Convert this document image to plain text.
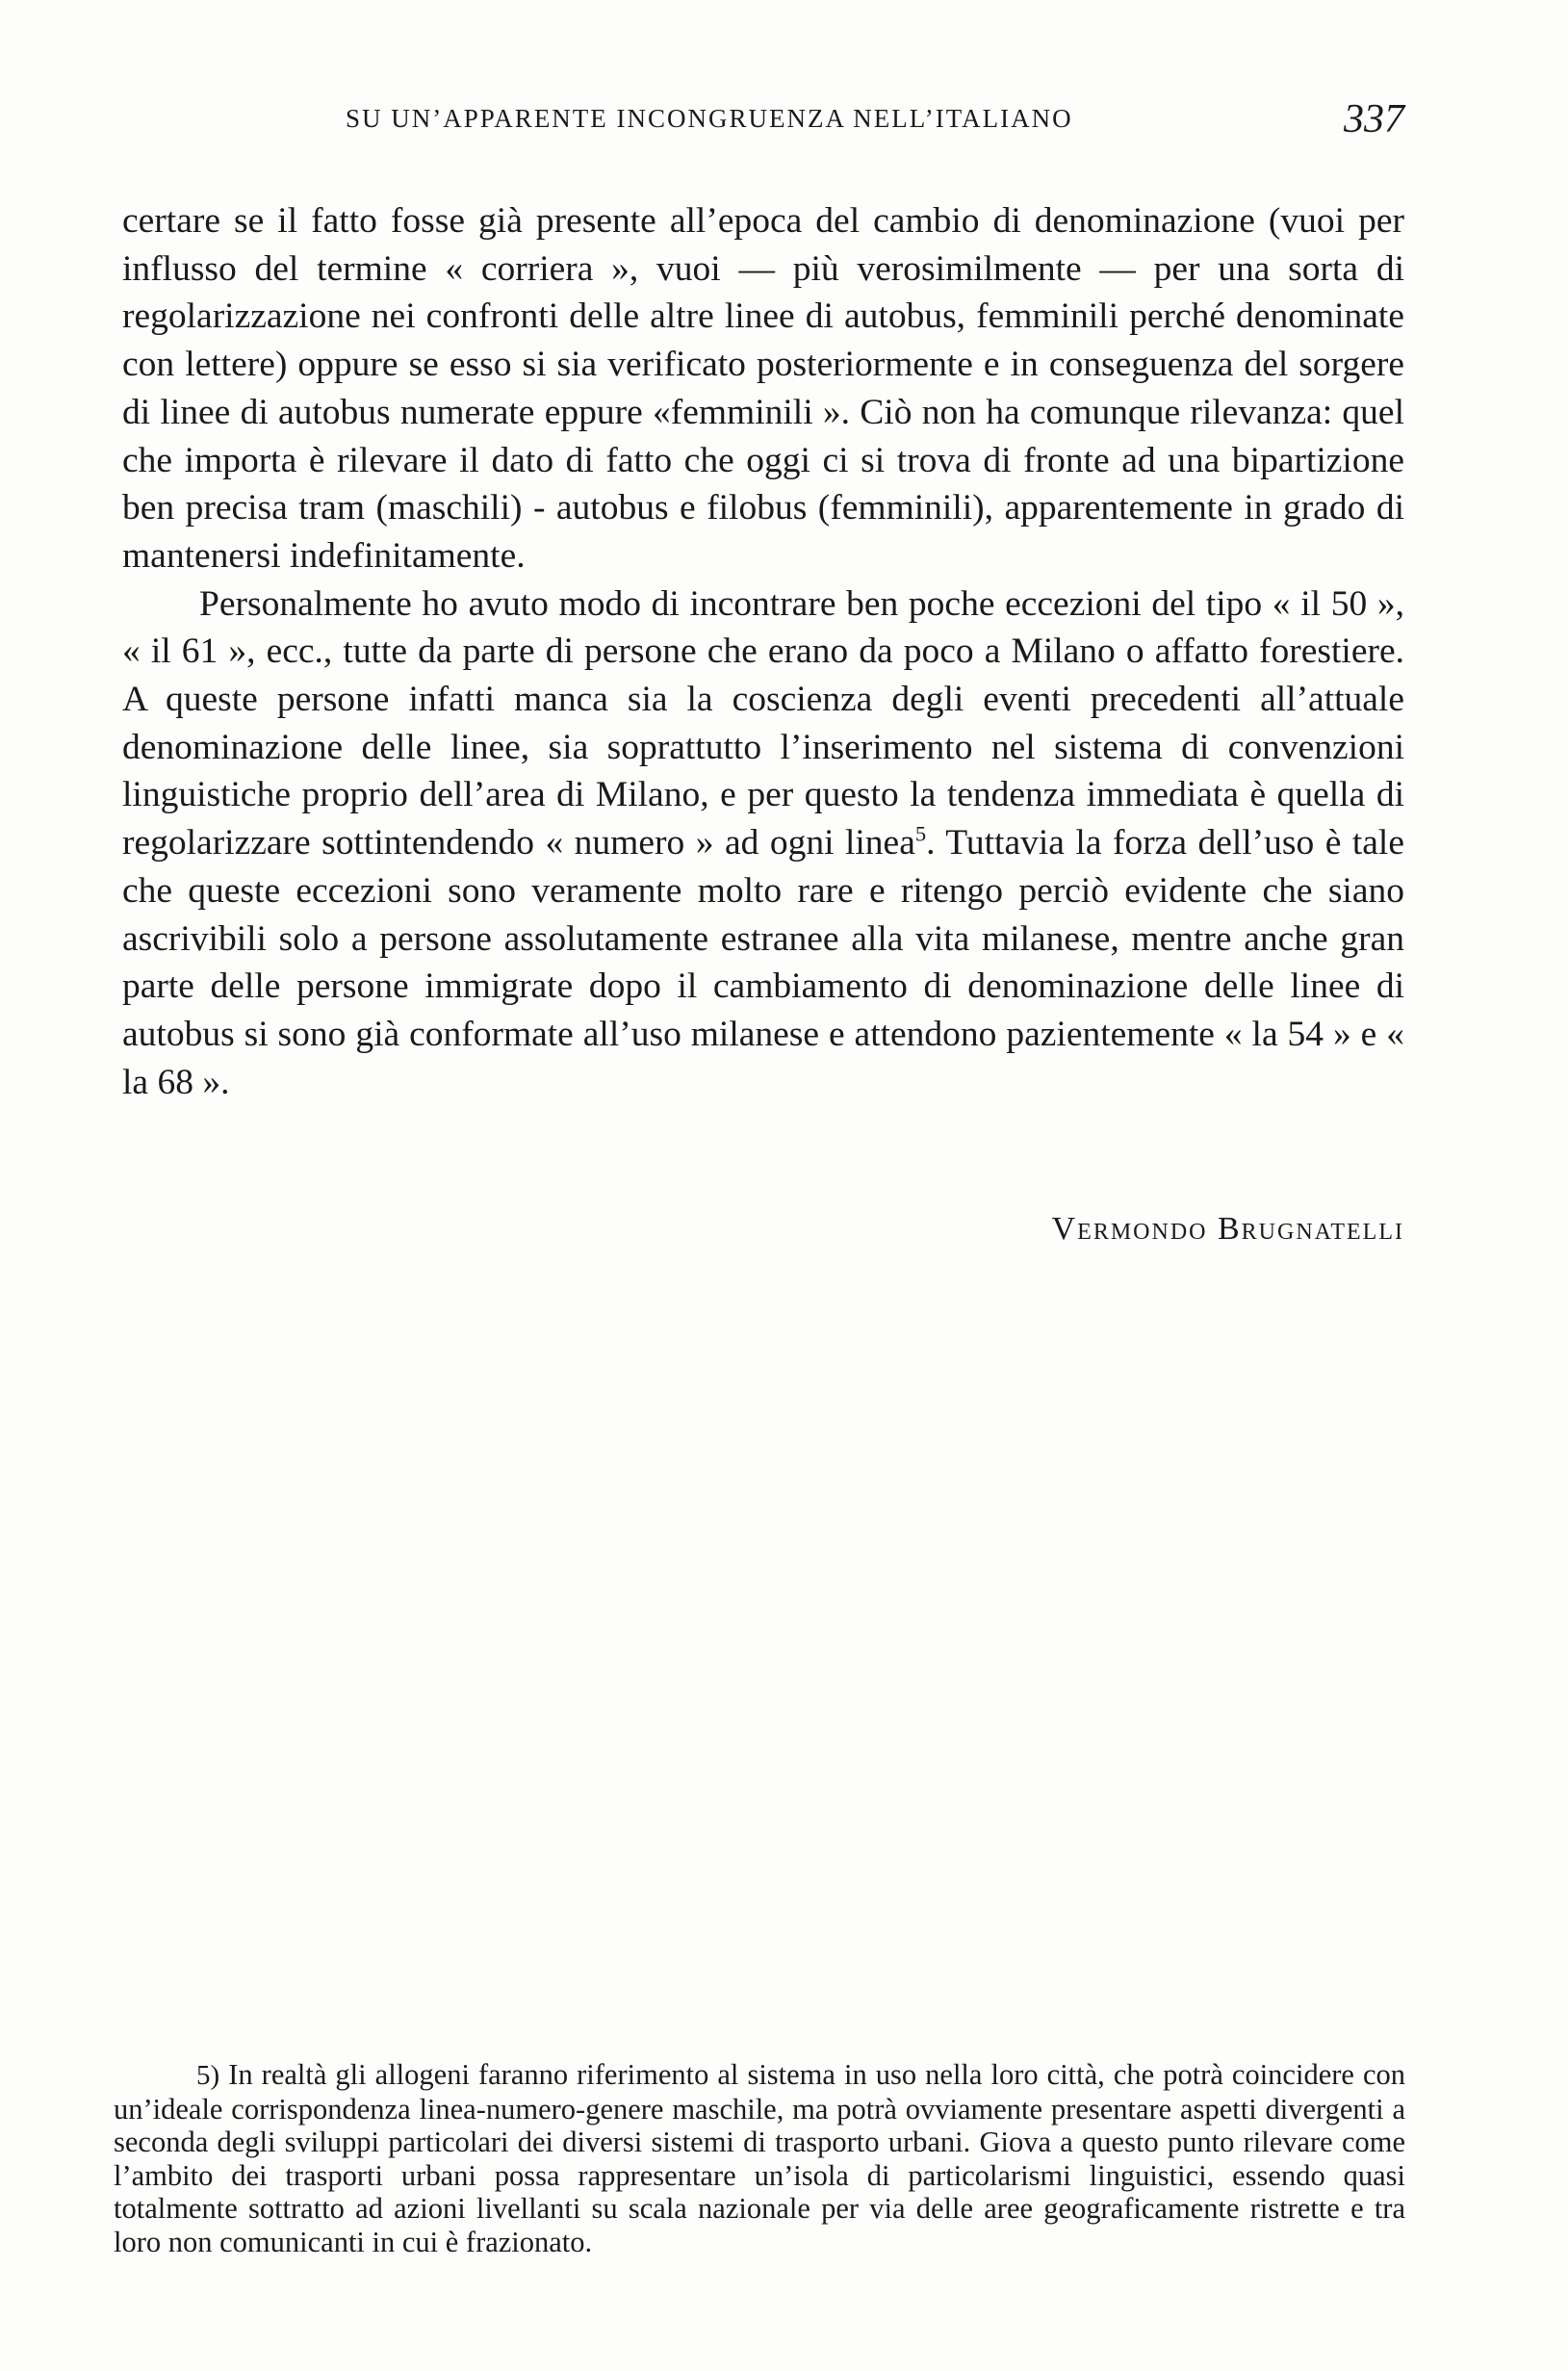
SU UN’APPARENTE INCONGRUENZA NELL’ITALIANO	337

certare se il fatto fosse già presente all’epoca del cambio di denominazione (vuoi per influsso del termine « corriera », vuoi — più verosimilmente — per una sorta di regolarizzazione nei confronti delle altre linee di autobus, femminili perché denominate con lettere) oppure se esso si sia verificato posteriormente e in conseguenza del sorgere di linee di autobus numerate eppure «femminili ». Ciò non ha comunque rilevanza: quel che importa è rilevare il dato di fatto che oggi ci si trova di fronte ad una bipartizione ben precisa tram (maschili) - autobus e filobus (femminili), apparentemente in grado di mantenersi indefinitamente.

Personalmente ho avuto modo di incontrare ben poche eccezioni del tipo « il 50 », « il 61 », ecc., tutte da parte di persone che erano da poco a Milano o affatto forestiere. A queste persone infatti manca sia la coscienza degli eventi precedenti all’attuale denominazione delle linee, sia soprattutto l’inserimento nel sistema di convenzioni linguistiche proprio dell’area di Milano, e per questo la tendenza immediata è quella di regolarizzare sottintendendo « numero » ad ogni linea$^5$. Tuttavia la forza dell’uso è tale che queste eccezioni sono veramente molto rare e ritengo perciò evidente che siano ascrivibili solo a persone assolutamente estranee alla vita milanese, mentre anche gran parte delle persone immigrate dopo il cambiamento di denominazione delle linee di autobus si sono già conformate all’uso milanese e attendono pazientemente « la 54 » e « la 68 ».

Vermondo Brugnatelli

5) In realtà gli allogeni faranno riferimento al sistema in uso nella loro città, che potrà coincidere con un’ideale corrispondenza linea-numero-genere maschile, ma potrà ovviamente presentare aspetti divergenti a seconda degli sviluppi particolari dei diversi sistemi di trasporto urbani. Giova a questo punto rilevare come l’ambito dei trasporti urbani possa rappresentare un’isola di particolarismi linguistici, essendo quasi totalmente sottratto ad azioni livellanti su scala nazionale per via delle aree geograficamente ristrette e tra loro non comunicanti in cui è frazionato.
